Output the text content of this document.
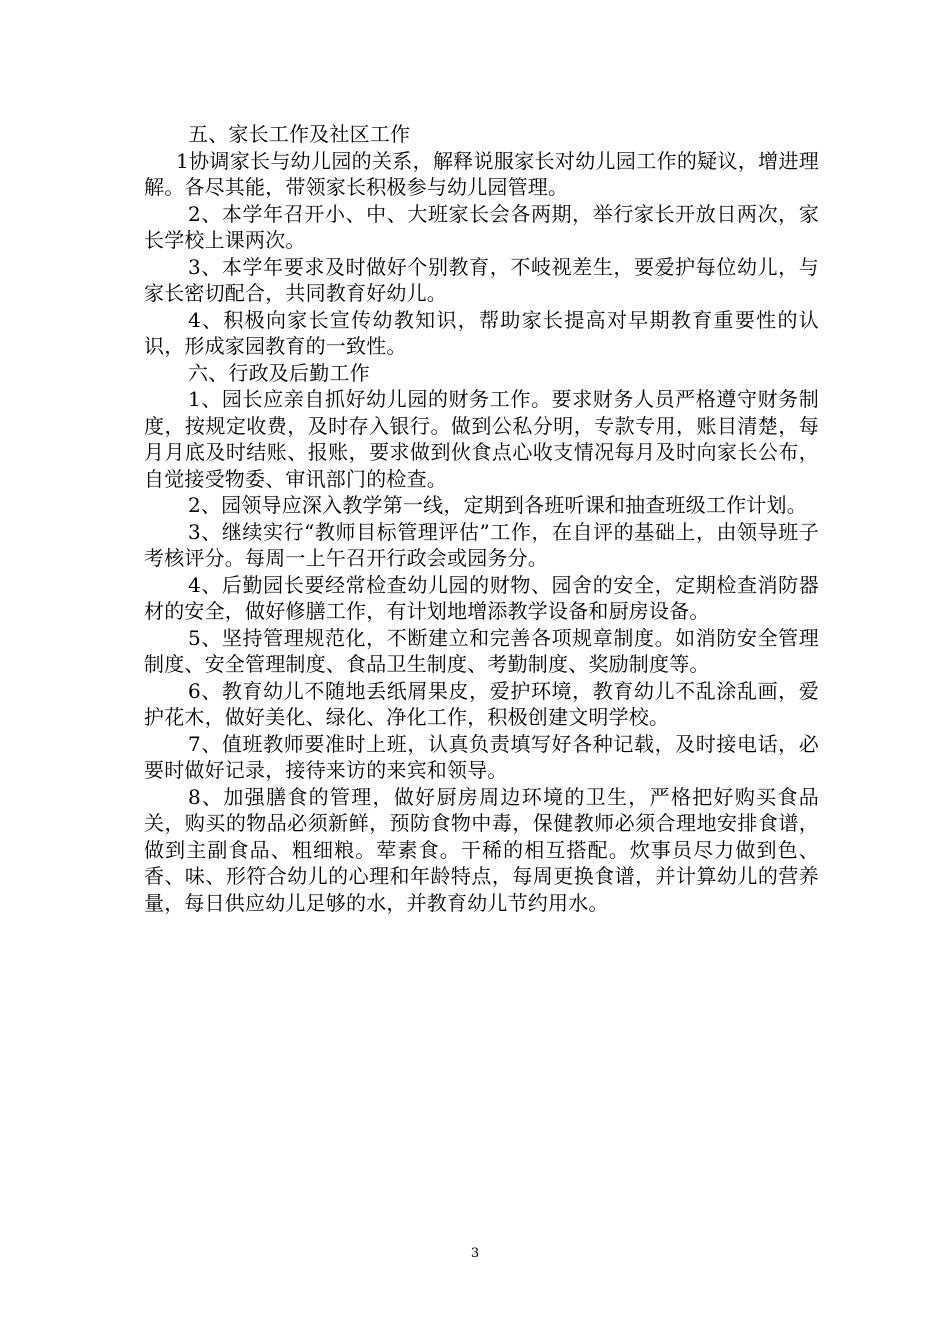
五、家长工作及社区工作

1协调家长与幼儿园的关系，解释说服家长对幼儿园工作的疑议，增进理解。各尽其能，带领家长积极参与幼儿园管理。

2、本学年召开小、中、大班家长会各两期，举行家长开放日两次，家长学校上课两次。

3、本学年要求及时做好个别教育，不岐视差生，要爱护每位幼儿，与家长密切配合，共同教育好幼儿。

4、积极向家长宣传幼教知识，帮助家长提高对早期教育重要性的认识，形成家园教育的一致性。

六、行政及后勤工作

1、园长应亲自抓好幼儿园的财务工作。要求财务人员严格遵守财务制度，按规定收费，及时存入银行。做到公私分明，专款专用，账目清楚，每月月底及时结账、报账，要求做到伙食点心收支情况每月及时向家长公布，自觉接受物委、审讯部门的检查。

2、园领导应深入教学第一线，定期到各班听课和抽查班级工作计划。

3、继续实行“教师目标管理评估”工作，在自评的基础上，由领导班子考核评分。每周一上午召开行政会或园务分。

4、后勤园长要经常检查幼儿园的财物、园舍的安全，定期检查消防器材的安全，做好修膳工作，有计划地增添教学设备和厨房设备。

5、坚持管理规范化，不断建立和完善各项规章制度。如消防安全管理制度、安全管理制度、食品卫生制度、考勤制度、奖励制度等。

6、教育幼儿不随地丢纸屑果皮，爱护环境，教育幼儿不乱涂乱画，爱护花木，做好美化、绿化、净化工作，积极创建文明学校。

7、值班教师要准时上班，认真负责填写好各种记载，及时接电话，必要时做好记录，接待来访的来宾和领导。

8、加强膳食的管理，做好厨房周边环境的卫生，严格把好购买食品关，购买的物品必须新鲜，预防食物中毒，保健教师必须合理地安排食谱，做到主副食品、粗细粮。荤素食。干稀的相互搭配。炊事员尽力做到色、香、味、形符合幼儿的心理和年龄特点，每周更换食谱，并计算幼儿的营养量，每日供应幼儿足够的水，并教育幼儿节约用水。

3
